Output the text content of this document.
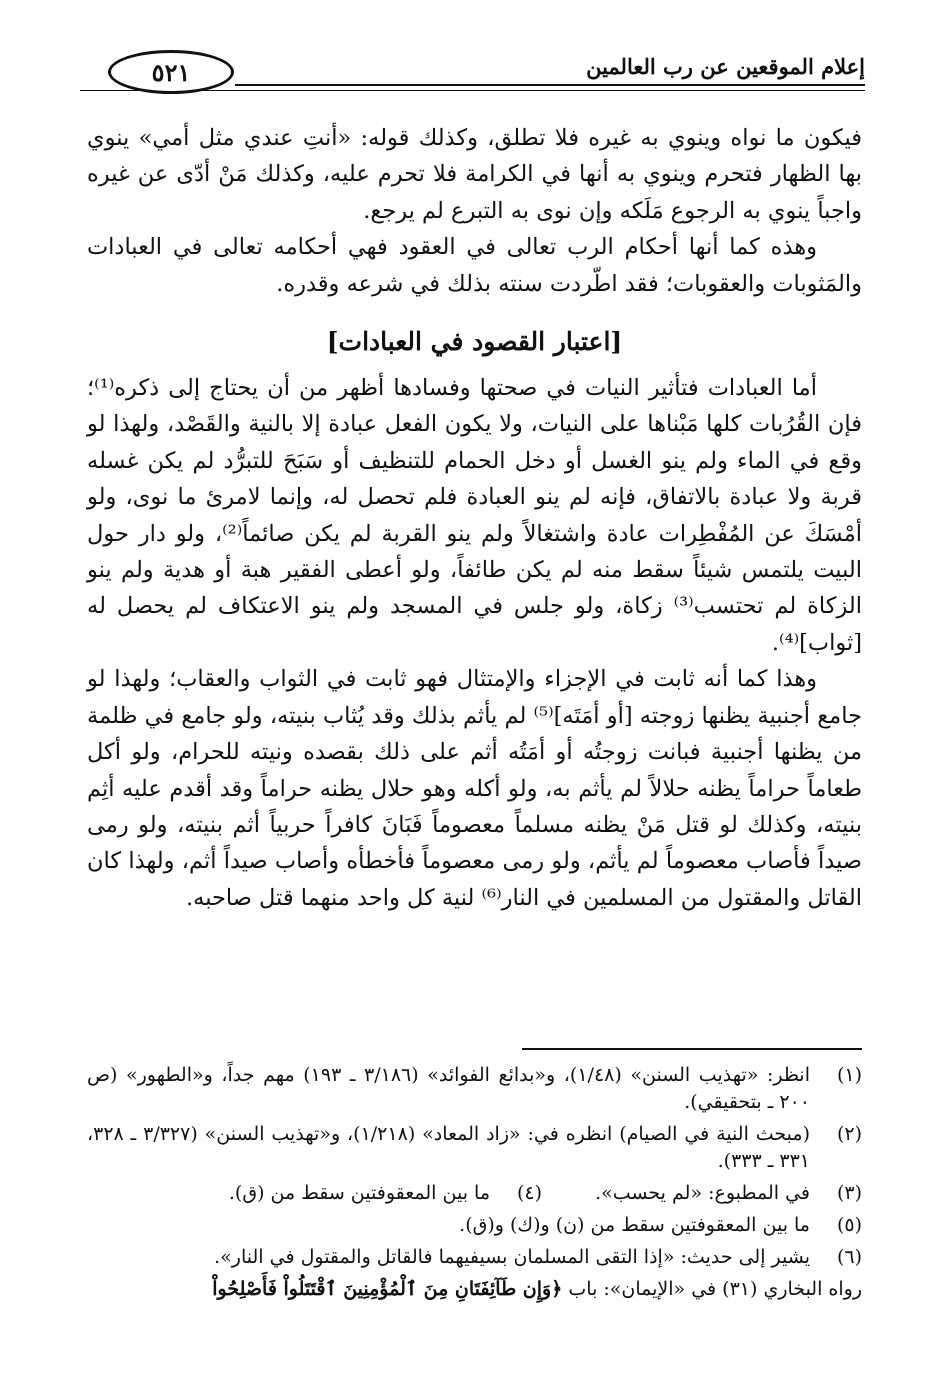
إعلام الموقعين عن رب العالمين
٥٢١

فيكون ما نواه وينوي به غيره فلا تطلق، وكذلك قوله: «أنتِ عندي مثل أمي» ينوي بها الظهار فتحرم وينوي به أنها في الكرامة فلا تحرم عليه، وكذلك مَنْ أدّى عن غيره واجباً ينوي به الرجوع مَلَكه وإن نوى به التبرع لم يرجع.

وهذه كما أنها أحكام الرب تعالى في العقود فهي أحكامه تعالى في العبادات والمَثوبات والعقوبات؛ فقد اطّردت سنته بذلك في شرعه وقدره.

[اعتبار القصود في العبادات]

أما العبادات فتأثير النيات في صحتها وفسادها أظهر من أن يحتاج إلى ذكره⁽¹⁾؛ فإن القُرُبات كلها مَبْناها على النيات، ولا يكون الفعل عبادة إلا بالنية والقَصْد، ولهذا لو وقع في الماء ولم ينو الغسل أو دخل الحمام للتنظيف أو سَبَحَ للتبرُّد لم يكن غسله قربة ولا عبادة بالاتفاق، فإنه لم ينو العبادة فلم تحصل له، وإنما لامرئ ما نوى، ولو أمْسَكَ عن المُفْطِرات عادة واشتغالاً ولم ينو القربة لم يكن صائماً⁽²⁾، ولو دار حول البيت يلتمس شيئاً سقط منه لم يكن طائفاً، ولو أعطى الفقير هبة أو هدية ولم ينو الزكاة لم تحتسب⁽³⁾ زكاة، ولو جلس في المسجد ولم ينو الاعتكاف لم يحصل له [ثواب]⁽⁴⁾.

وهذا كما أنه ثابت في الإجزاء والإمتثال فهو ثابت في الثواب والعقاب؛ ولهذا لو جامع أجنبية يظنها زوجته [أو أمَتَه]⁽⁵⁾ لم يأثم بذلك وقد يُثاب بنيته، ولو جامع في ظلمة من يظنها أجنبية فبانت زوجتُه أو أمَتُه أثم على ذلك بقصده ونيته للحرام، ولو أكل طعاماً حراماً يظنه حلالاً لم يأثم به، ولو أكله وهو حلال يظنه حراماً وقد أقدم عليه أثِم بنيته، وكذلك لو قتل مَنْ يظنه مسلماً معصوماً فَبَانَ كافراً حربياً أثم بنيته، ولو رمى صيداً فأصاب معصوماً لم يأثم، ولو رمى معصوماً فأخطأه وأصاب صيداً أثم، ولهذا كان القاتل والمقتول من المسلمين في النار⁽⁶⁾ لنية كل واحد منهما قتل صاحبه.

(١)
انظر: «تهذيب السنن» (١/٤٨)، و«بدائع الفوائد» (٣/١٨٦ ـ ١٩٣) مهم جداً، و«الطهور» (ص ٢٠٠ ـ بتحقيقي).
(٢)
(مبحث النية في الصيام) انظره في: «زاد المعاد» (١/٢١٨)، و«تهذيب السنن» (٣/٣٢٧ ـ ٣٢٨، ٣٣١ ـ ٣٣٣).
(٣)
في المطبوع: «لم يحسب».
(٤)
ما بين المعقوفتين سقط من (ق).
(٥)
ما بين المعقوفتين سقط من (ن) و(ك) و(ق).
(٦)
يشير إلى حديث: «إذا التقى المسلمان بسيفيهما فالقاتل والمقتول في النار».
رواه البخاري (٣١) في «الإيمان»: باب ﴿وَإِن طَآئِفَتَانِ مِنَ ٱلْمُؤْمِنِينَ ٱقْتَتَلُواْ فَأَصْلِحُواْ
